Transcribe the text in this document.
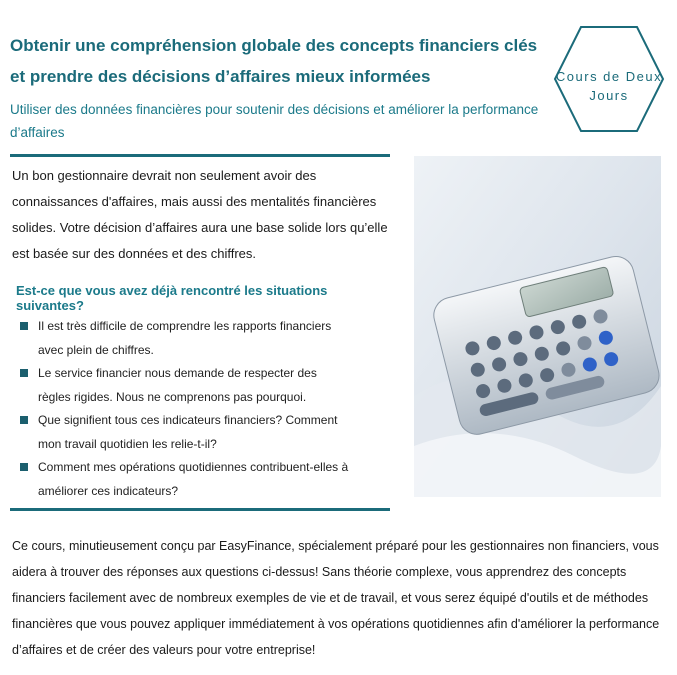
Obtenir une compréhension globale des concepts financiers clés et prendre des décisions d’affaires mieux informées
Utiliser des données financières pour soutenir des décisions et améliorer la performance d’affaires
Cours de Deux Jours
Un bon gestionnaire devrait non seulement avoir des connaissances d'affaires, mais aussi des mentalités financières solides. Votre décision d’affaires aura une base solide lors qu’elle est basée sur des données et des chiffres.
Est-ce que vous avez déjà rencontré les situations suivantes?
Il est très difficile de comprendre les rapports financiers avec plein de chiffres.
Le service financier nous demande de respecter des règles rigides. Nous ne comprenons pas pourquoi.
Que signifient tous ces indicateurs financiers? Comment mon travail quotidien les relie-t-il?
Comment mes opérations quotidiennes contribuent-elles à améliorer ces indicateurs?
Ce cours, minutieusement conçu par EasyFinance, spécialement préparé pour les gestionnaires non financiers, vous aidera à trouver des réponses aux questions ci-dessus! Sans théorie complexe, vous apprendrez des concepts financiers facilement avec de nombreux exemples de vie et de travail, et vous serez équipé d'outils et de méthodes financières que vous pouvez appliquer immédiatement à vos opérations quotidiennes afin d'améliorer la performance d’affaires et de créer des valeurs pour votre entreprise!
